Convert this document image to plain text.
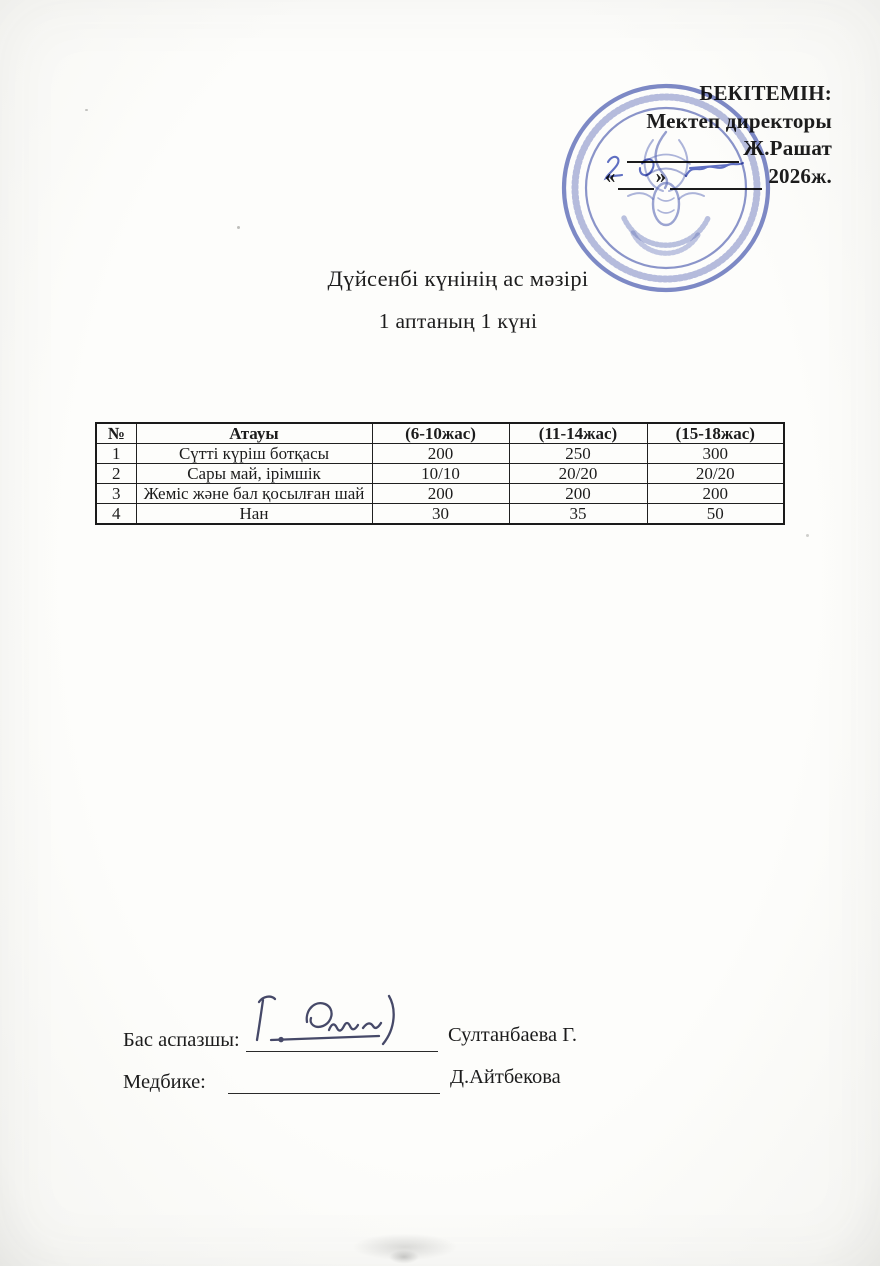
БЕКІТЕМІН:
Мектеп директоры
Ж.Рашат
« »	2026ж.
Дүйсенбі күнінің ас мәзірі
1 аптаның 1 күні
№	Атауы	(6-10жас)	(11-14жас)	(15-18жас)
1	Сүтті күріш ботқасы	200	250	300
2	Сары май, ірімшік	10/10	20/20	20/20
3	Жеміс және бал қосылған шай	200	200	200
4	Нан	30	35	50
Бас аспазшы:	Султанбаева Г.
Медбике:	Д.Айтбекова
